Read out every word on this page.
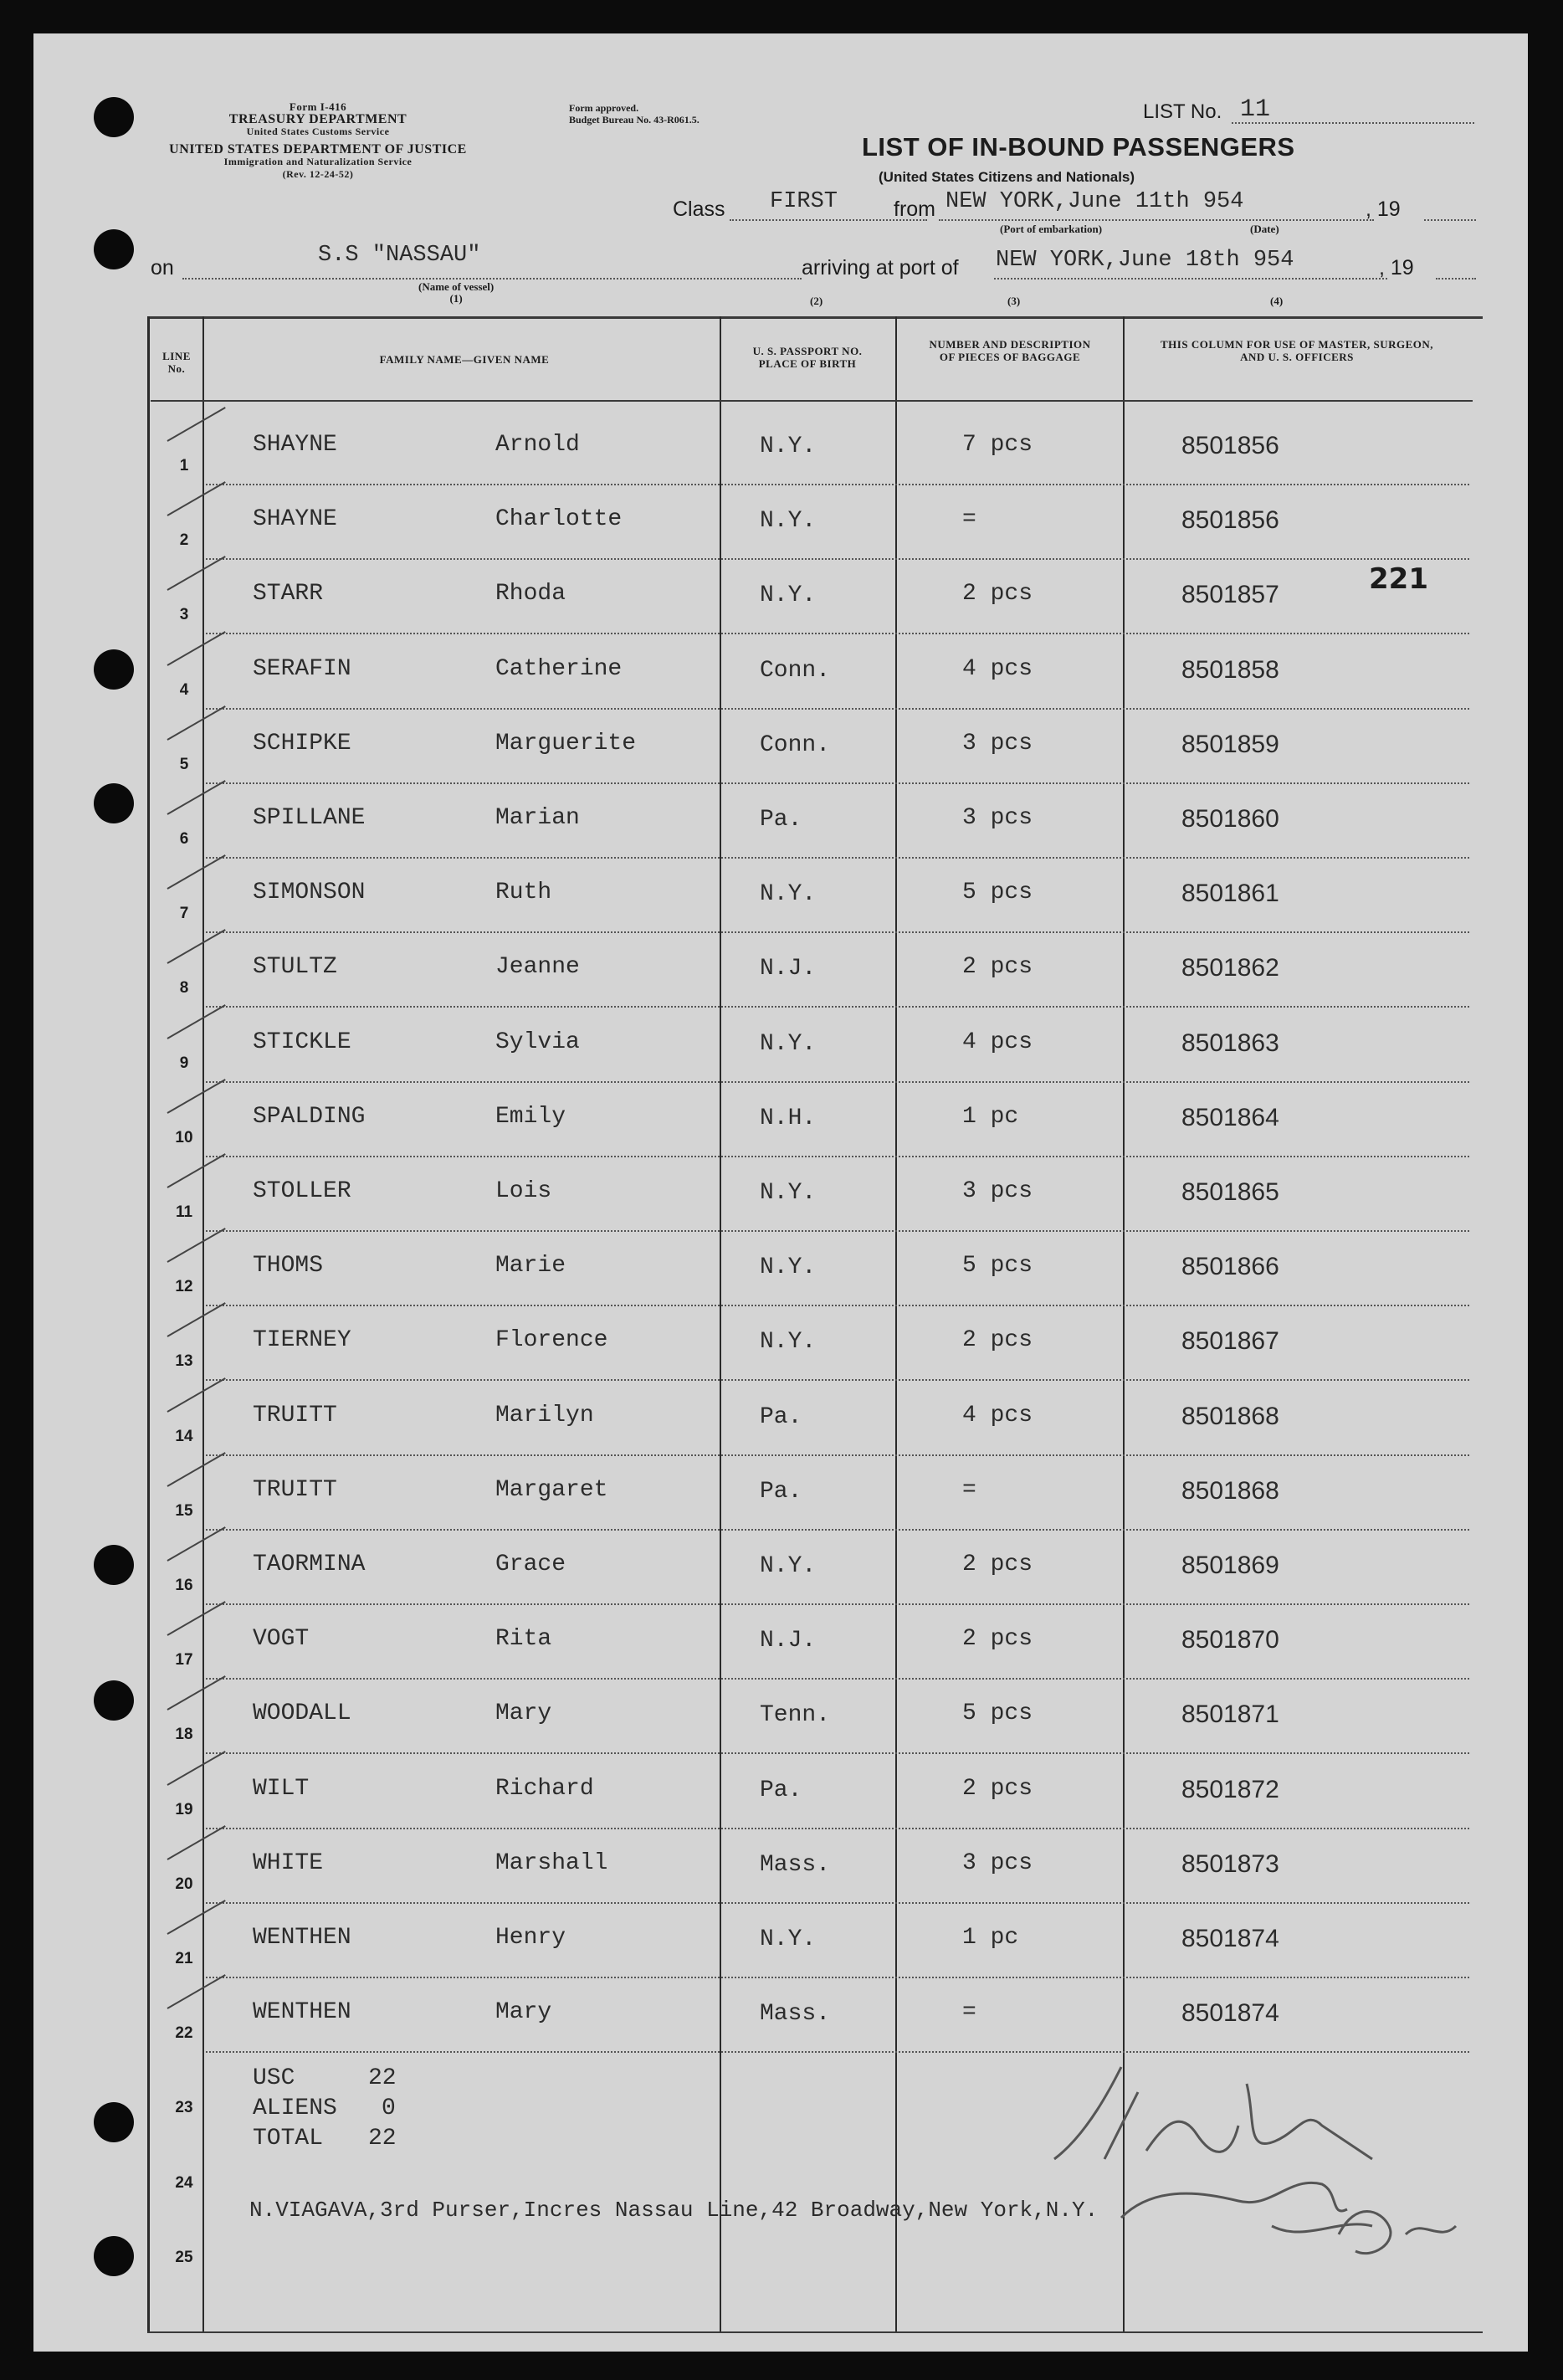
Form I-416
TREASURY DEPARTMENT
United States Customs Service
UNITED STATES DEPARTMENT OF JUSTICE
Immigration and Naturalization Service
(Rev. 12-24-52)
Form approved.
Budget Bureau No. 43-R061.5.	LIST No. 11
LIST OF IN-BOUND PASSENGERS
(United States Citizens and Nationals)
Class FIRST	from NEW YORK,June 11th 954	, 19
(Port of embarkation)	(Date)
on	S.S "NASSAU"
(Name of vessel)
(1)
arriving at port of NEW YORK,June 18th 954	, 19
(2)	(3)	(4)
LINE No.
FAMILY NAME—GIVEN NAME
U. S. PASSPORT NO. PLACE OF BIRTH
NUMBER AND DESCRIPTION OF PIECES OF BAGGAGE
THIS COLUMN FOR USE OF MASTER, SURGEON, AND U. S. OFFICERS
1
SHAYNE	Arnold	N.Y.	7 pcs	8501856
2
SHAYNE	Charlotte	N.Y.	=	8501856
3
STARR	Rhoda	N.Y.	2 pcs	8501857
4
SERAFIN	Catherine	Conn.	4 pcs	8501858
5
SCHIPKE	Marguerite	Conn.	3 pcs	8501859
6
SPILLANE	Marian	Pa.	3 pcs	8501860
7
SIMONSON	Ruth	N.Y.	5 pcs	8501861
8
STULTZ	Jeanne	N.J.	2 pcs	8501862
9
STICKLE	Sylvia	N.Y.	4 pcs	8501863
10
SPALDING	Emily	N.H.	1 pc	8501864
11
STOLLER	Lois	N.Y.	3 pcs	8501865
12
THOMS	Marie	N.Y.	5 pcs	8501866
13
TIERNEY	Florence	N.Y.	2 pcs	8501867
14
TRUITT	Marilyn	Pa.	4 pcs	8501868
15
TRUITT	Margaret	Pa.	=	8501868
16
TAORMINA	Grace	N.Y.	2 pcs	8501869
17
VOGT	Rita	N.J.	2 pcs	8501870
18
WOODALL	Mary	Tenn.	5 pcs	8501871
19
WILT	Richard	Pa.	2 pcs	8501872
20
WHITE	Marshall	Mass.	3 pcs	8501873
21
WENTHEN	Henry	N.Y.	1 pc	8501874
22
WENTHEN	Mary	Mass.	=	8501874
23
24
25
USC	22
ALIENS 0
TOTAL 22
N.VIAGAVA,3rd Purser,Incres Nassau Line,42 Broadway,New York,N.Y.
221
